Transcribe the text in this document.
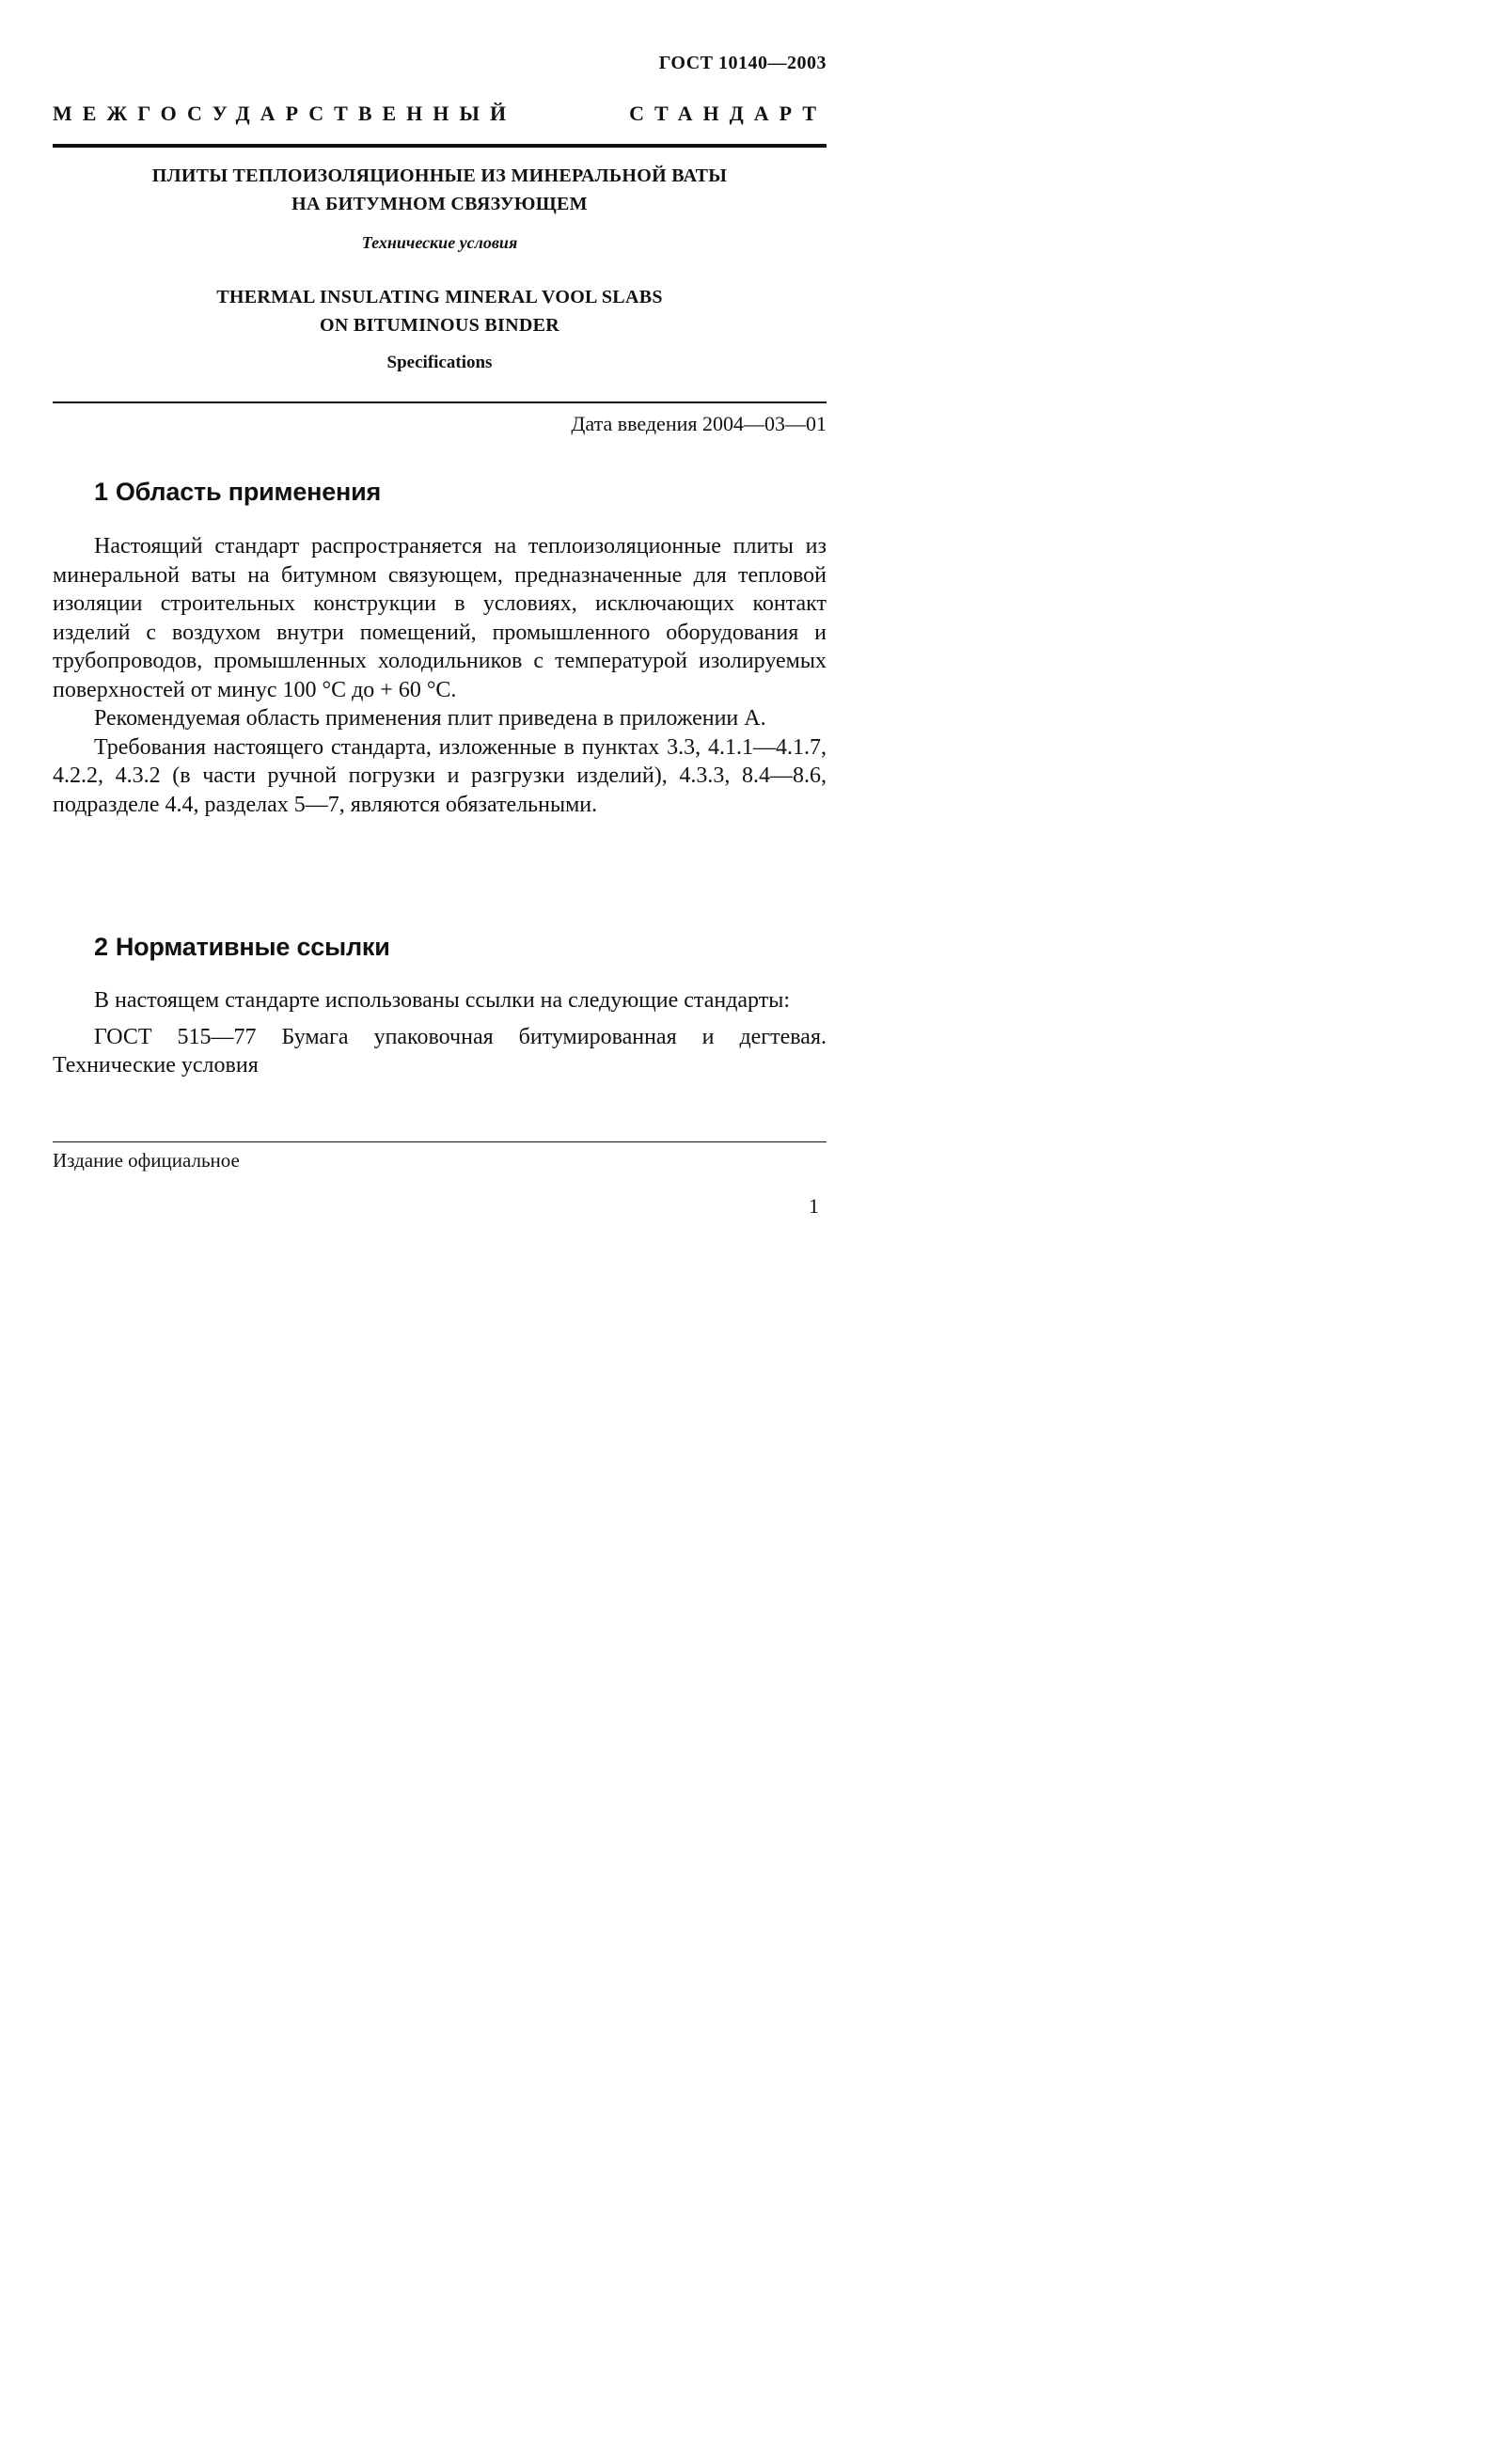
ГОСТ 10140—2003
МЕЖГОСУДАРСТВЕННЫЙ	СТАНДАРТ
ПЛИТЫ ТЕПЛОИЗОЛЯЦИОННЫЕ ИЗ МИНЕРАЛЬНОЙ ВАТЫ
НА БИТУМНОМ СВЯЗУЮЩЕМ
Технические условия
THERMAL INSULATING MINERAL VOOL SLABS
ON BITUMINOUS BINDER
Specifications
Дата введения 2004—03—01
1 Область применения

Настоящий стандарт распространяется на теплоизоляционные плиты из минеральной ваты на битумном связующем, предназначенные для тепловой изоляции строительных конструкции в условиях, исключающих контакт изделий с воздухом внутри помещений, промышленного оборудования и трубопроводов, промышленных холодильников с температурой изолируемых поверхностей от минус 100 °С до + 60 °С.

Рекомендуемая область применения плит приведена в приложении А.

Требования настоящего стандарта, изложенные в пунктах 3.3, 4.1.1—4.1.7, 4.2.2, 4.3.2 (в части ручной погрузки и разгрузки изделий), 4.3.3, 8.4—8.6, подразделе 4.4, разделах 5—7, являются обязательными.

2 Нормативные ссылки

В настоящем стандарте использованы ссылки на следующие стандарты:

ГОСТ 515—77 Бумага упаковочная битумированная и дегтевая. Технические условия

Издание официальное
1
